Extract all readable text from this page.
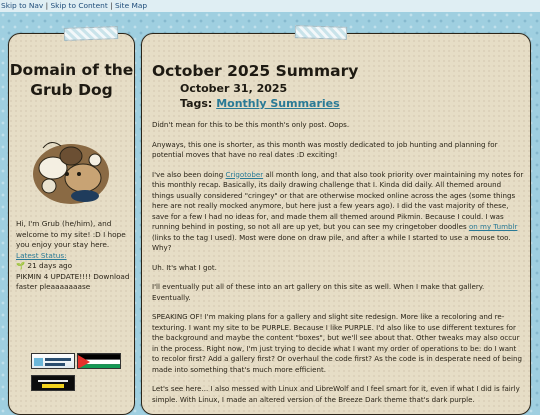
Skip to Nav | Skip to Content | Site Map
Domain of the Grub Dog
Hi, I'm Grub (he/him), and welcome to my site! :D I hope you enjoy your stay here.
Latest Status:
🌱 21 days ago
PIKMIN 4 UPDATE!!!! Download faster pleaaaaaaase
October 2025 Summary
October 31, 2025
Tags: Monthly Summaries

Didn't mean for this to be this month's only post. Oops.

Anyways, this one is shorter, as this month was mostly dedicated to job hunting and planning for potential moves that have no real dates :D exciting!

I've also been doing Crigotober all month long, and that also took priority over maintaining my notes for this monthly recap. Basically, its daily drawing challenge that I. Kinda did daily. All themed around things usually considered "cringey" or that are otherwise mocked online across the ages (some things here are not really mocked anymore, but here just a few years ago). I did the vast majority of these, save for a few I had no ideas for, and made them all themed around Pikmin. Because I could. I was running behind in posting, so not all are up yet, but you can see my cringetober doodles on my Tumblr (links to the tag I used). Most were done on draw pile, and after a while I started to use a mouse too. Why?

Uh. It's what I got.

I'll eventually put all of these into an art gallery on this site as well. When I make that gallery. Eventually.

SPEAKING OF! I'm making plans for a gallery and slight site redesign. More like a recoloring and re-texturing. I want my site to be PURPLE. Because I like PURPLE. I'd also like to use different textures for the background and maybe the content "boxes", but we'll see about that. Other tweaks may also occur in the process. Right now, I'm just trying to decide what I want my order of operations to be: do I want to recolor first? Add a gallery first? Or overhaul the code first? As the code is in desperate need of being made into something that's much more efficient.

Let's see here... I also messed with Linux and LibreWolf and I feel smart for it, even if what I did is fairly simple. With Linux, I made an altered version of the Breeze Dark theme that's dark purple.
